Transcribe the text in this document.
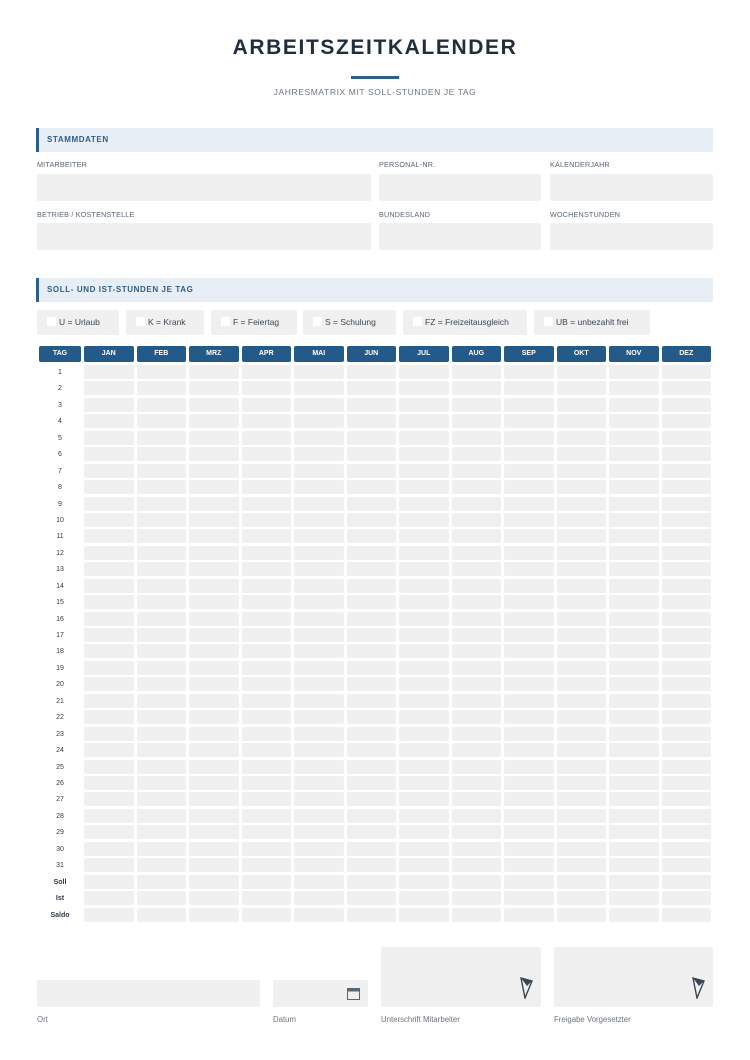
ARBEITSZEITKALENDER
JAHRESMATRIX MIT SOLL-STUNDEN JE TAG
STAMMDATEN
MITARBEITER	PERSONAL-NR.	KALENDERJAHR
BETRIEB / KOSTENSTELLE	BUNDESLAND	WOCHENSTUNDEN
SOLL- UND IST-STUNDEN JE TAG
U = Urlaub	K = Krank	F = Feiertag	S = Schulung	FZ = Freizeitausgleich	UB = unbezahlt frei
TAG	JAN	FEB	MRZ	APR	MAI	JUN	JUL	AUG	SEP	OKT	NOV	DEZ
1
2
3
4
5
6
7
8
9
10
11
12
13
14
15
16
17
18
19
20
21
22
23
24
25
26
27
28
29
30
31
Soll
Ist
Saldo
Ort	Datum	Unterschrift Mitarbeiter	Freigabe Vorgesetzter
